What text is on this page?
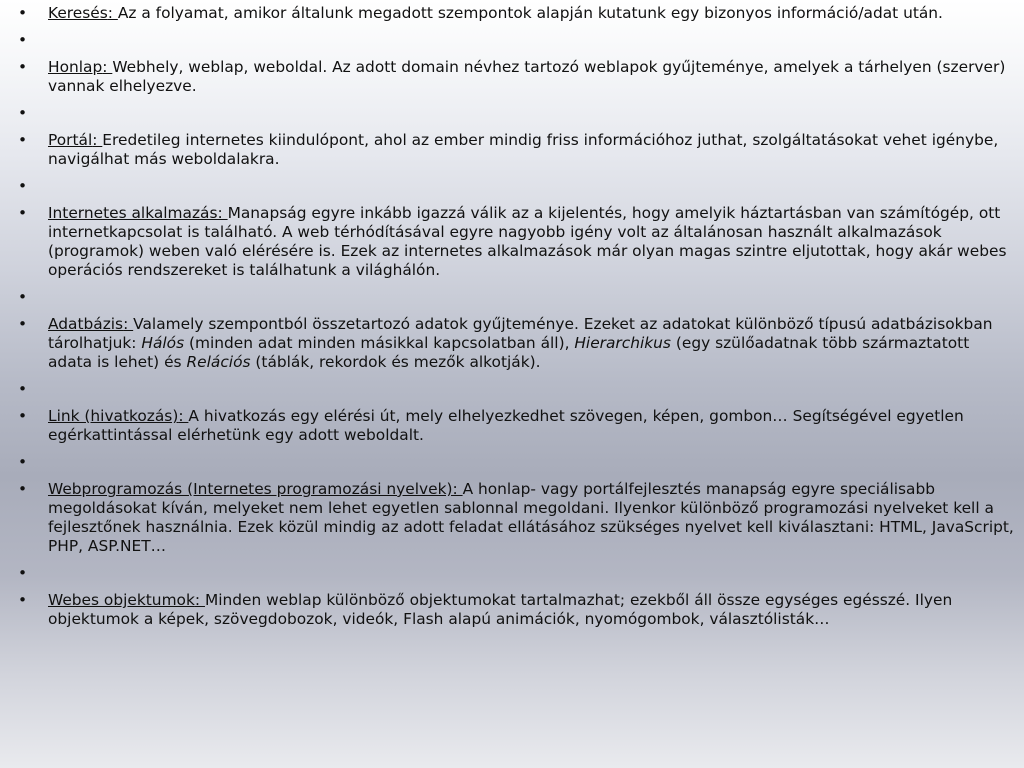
• Keresés: Az a folyamat, amikor általunk megadott szempontok alapján kutatunk egy bizonyos információ/adat után.
•
• Honlap: Webhely, weblap, weboldal. Az adott domain névhez tartozó weblapok gyűjteménye, amelyek a tárhelyen (szerver) vannak elhelyezve.
•
• Portál: Eredetileg internetes kiindulópont, ahol az ember mindig friss információhoz juthat, szolgáltatásokat vehet igénybe, navigálhat más weboldalakra.
•
• Internetes alkalmazás: Manapság egyre inkább igazzá válik az a kijelentés, hogy amelyik háztartásban van számítógép, ott internetkapcsolat is található. A web térhódításával egyre nagyobb igény volt az általánosan használt alkalmazások (programok) weben való elérésére is. Ezek az internetes alkalmazások már olyan magas szintre eljutottak, hogy akár webes operációs rendszereket is találhatunk a világhálón.
•
• Adatbázis: Valamely szempontból összetartozó adatok gyűjteménye. Ezeket az adatokat különböző típusú adatbázisokban tárolhatjuk: Hálós (minden adat minden másikkal kapcsolatban áll), Hierarchikus (egy szülőadatnak több származtatott adata is lehet) és Relációs (táblák, rekordok és mezők alkotják).
•
• Link (hivatkozás): A hivatkozás egy elérési út, mely elhelyezkedhet szövegen, képen, gombon… Segítségével egyetlen egérkattintással elérhetünk egy adott weboldalt.
•
• Webprogramozás (Internetes programozási nyelvek): A honlap- vagy portálfejlesztés manapság egyre speciálisabb megoldásokat kíván, melyeket nem lehet egyetlen sablonnal megoldani. Ilyenkor különböző programozási nyelveket kell a fejlesztőnek használnia. Ezek közül mindig az adott feladat ellátásához szükséges nyelvet kell kiválasztani: HTML, JavaScript, PHP, ASP.NET…
•
• Webes objektumok: Minden weblap különböző objektumokat tartalmazhat; ezekből áll össze egységes egésszé. Ilyen objektumok a képek, szövegdobozok, videók, Flash alapú animációk, nyomógombok, választólisták…
